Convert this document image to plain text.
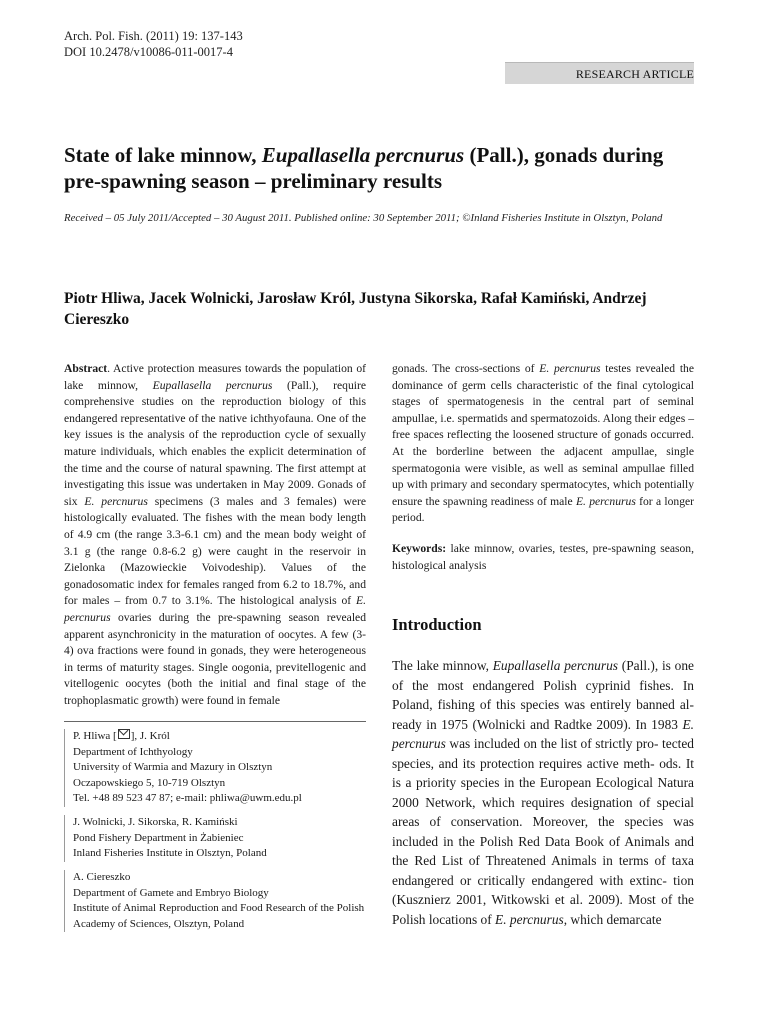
Arch. Pol. Fish. (2011) 19: 137-143
DOI 10.2478/v10086-011-0017-4
RESEARCH ARTICLE
State of lake minnow, Eupallasella percnurus (Pall.), gonads during pre-spawning season – preliminary results
Received – 05 July 2011/Accepted – 30 August 2011. Published online: 30 September 2011; ©Inland Fisheries Institute in Olsztyn, Poland
Piotr Hliwa, Jacek Wolnicki, Jarosław Król, Justyna Sikorska, Rafał Kamiński, Andrzej Ciereszko
Abstract. Active protection measures towards the population of lake minnow, Eupallasella percnurus (Pall.), require comprehensive studies on the reproduction biology of this endangered representative of the native ichthyofauna. One of the key issues is the analysis of the reproduction cycle of sexually mature individuals, which enables the explicit determination of the time and the course of natural spawning. The first attempt at investigating this issue was undertaken in May 2009. Gonads of six E. percnurus specimens (3 males and 3 females) were histologically evaluated. The fishes with the mean body length of 4.9 cm (the range 3.3-6.1 cm) and the mean body weight of 3.1 g (the range 0.8-6.2 g) were caught in the reservoir in Zielonka (Mazowieckie Voivodeship). Values of the gonadosomatic index for females ranged from 6.2 to 18.7%, and for males – from 0.7 to 3.1%. The histological analysis of E. percnurus ovaries during the pre-spawning season revealed apparent asynchronicity in the maturation of oocytes. A few (3-4) ova fractions were found in gonads, they were heterogeneous in terms of maturity stages. Single oogonia, previtellogenic and vitellogenic oocytes (both the initial and final stage of the trophoplasmatic growth) were found in female
P. Hliwa [ ], J. Król
Department of Ichthyology
University of Warmia and Mazury in Olsztyn
Oczapowskiego 5, 10-719 Olsztyn
Tel. +48 89 523 47 87; e-mail: phliwa@uwm.edu.pl
J. Wolnicki, J. Sikorska, R. Kamiński
Pond Fishery Department in Żabieniec
Inland Fisheries Institute in Olsztyn, Poland
A. Ciereszko
Department of Gamete and Embryo Biology
Institute of Animal Reproduction and Food Research of the Polish
Academy of Sciences, Olsztyn, Poland
gonads. The cross-sections of E. percnurus testes revealed the dominance of germ cells characteristic of the final cytological stages of spermatogenesis in the central part of seminal ampullae, i.e. spermatids and spermatozoids. Along their edges – free spaces reflecting the loosened structure of gonads occurred. At the borderline between the adjacent ampullae, single spermatogonia were visible, as well as seminal ampullae filled up with primary and secondary spermatocytes, which potentially ensure the spawning readiness of male E. percnurus for a longer period.
Keywords: lake minnow, ovaries, testes, pre-spawning season, histological analysis
Introduction
The lake minnow, Eupallasella percnurus (Pall.), is one of the most endangered Polish cyprinid fishes. In Poland, fishing of this species was entirely banned al- ready in 1975 (Wolnicki and Radtke 2009). In 1983 E. percnurus was included on the list of strictly pro- tected species, and its protection requires active meth- ods. It is a priority species in the European Ecological Natura 2000 Network, which requires designation of special areas of conservation. Moreover, the species was included in the Polish Red Data Book of Animals and the Red List of Threatened Animals in terms of taxa endangered or critically endangered with extinc- tion (Kusznierz 2001, Witkowski et al. 2009). Most of the Polish locations of E. percnurus, which demarcate
